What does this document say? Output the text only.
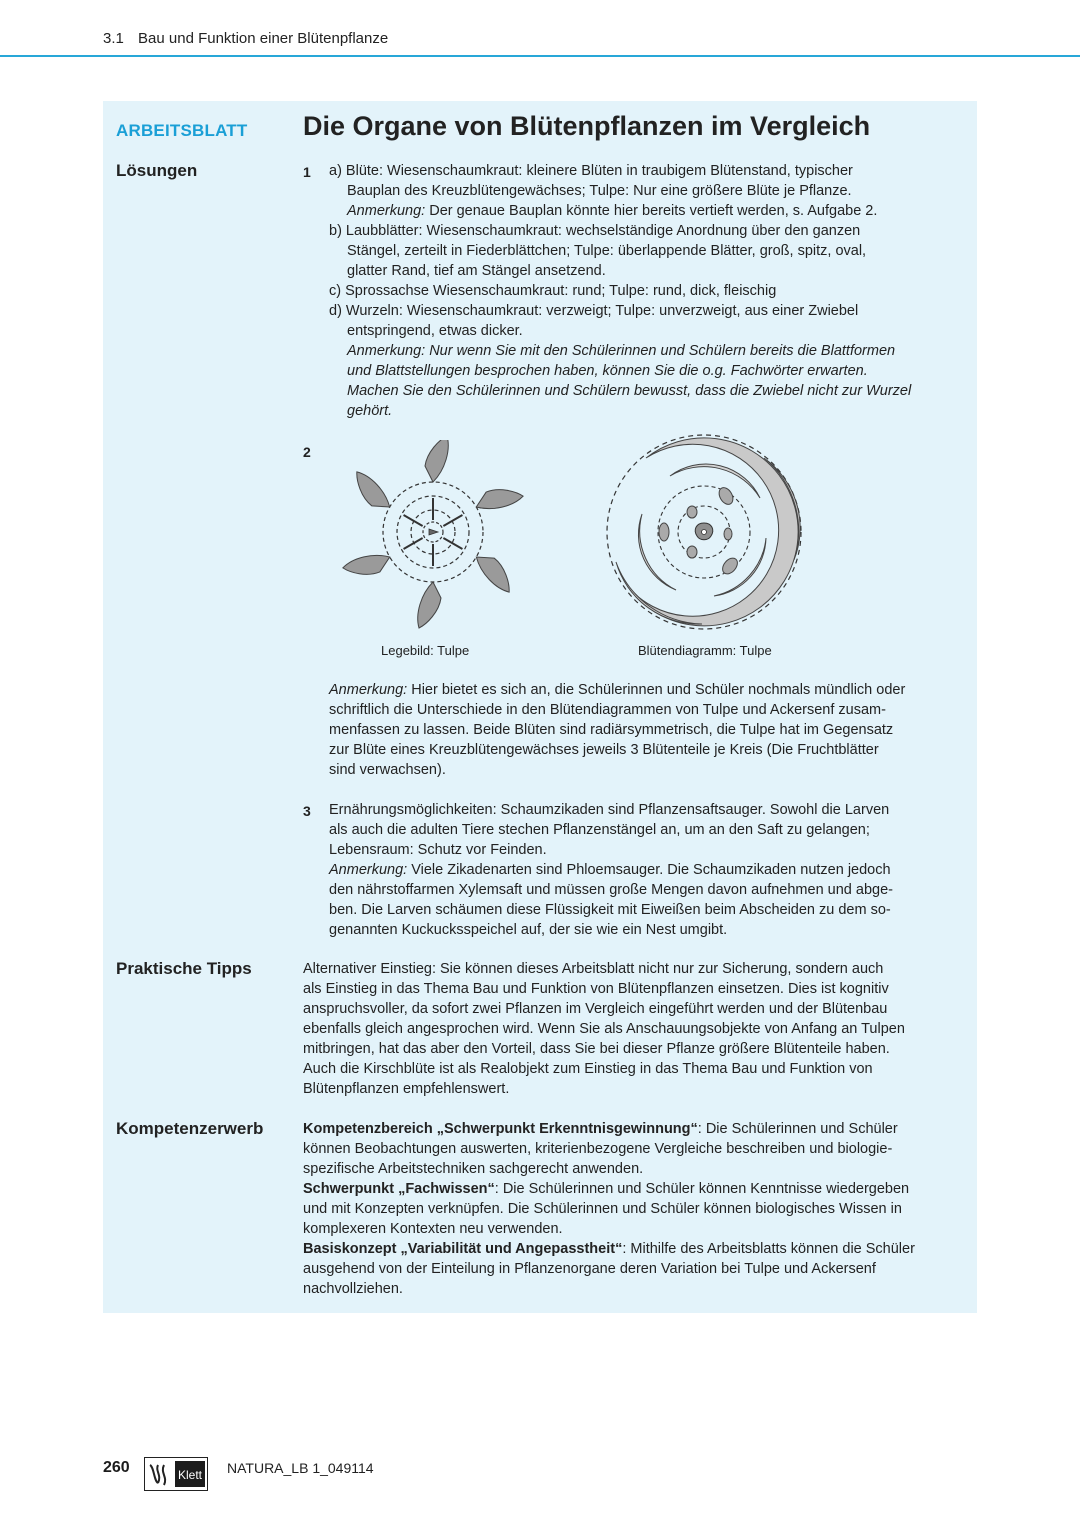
3.1 Bau und Funktion einer Blütenpflanze
ARBEITSBLATT Die Organe von Blütenpflanzen im Vergleich
Lösungen	1 a) Blüte: Wiesenschaumkraut: kleinere Blüten in traubigem Blütenstand, typischer
Bauplan des Kreuzblütengewächses; Tulpe: Nur eine größere Blüte je Pflanze.
Anmerkung: Der genaue Bauplan könnte hier bereits vertieft werden, s. Aufgabe 2.
b) Laubblätter: Wiesenschaumkraut: wechselständige Anordnung über den ganzen
Stängel, zerteilt in Fiederblättchen; Tulpe: überlappende Blätter, groß, spitz, oval,
glatter Rand, tief am Stängel ansetzend.
c) Sprossachse Wiesenschaumkraut: rund; Tulpe: rund, dick, fleischig
d) Wurzeln: Wiesenschaumkraut: verzweigt; Tulpe: unverzweigt, aus einer Zwiebel
entspringend, etwas dicker.
Anmerkung: Nur wenn Sie mit den Schülerinnen und Schülern bereits die Blattformen
und Blattstellungen besprochen haben, können Sie die o.g. Fachwörter erwarten.
Machen Sie den Schülerinnen und Schülern bewusst, dass die Zwiebel nicht zur Wurzel
gehört.
2
Legebild: Tulpe	Blütendiagramm: Tulpe
Anmerkung: Hier bietet es sich an, die Schülerinnen und Schüler nochmals mündlich oder
schriftlich die Unterschiede in den Blütendiagrammen von Tulpe und Ackersenf zusam-
menfassen zu lassen. Beide Blüten sind radiärsymmetrisch, die Tulpe hat im Gegensatz
zur Blüte eines Kreuzblütengewächses jeweils 3 Blütenteile je Kreis (Die Fruchtblätter
sind verwachsen).
3 Ernährungsmöglichkeiten: Schaumzikaden sind Pflanzensaftsauger. Sowohl die Larven
als auch die adulten Tiere stechen Pflanzenstängel an, um an den Saft zu gelangen;
Lebensraum: Schutz vor Feinden.
Anmerkung: Viele Zikadenarten sind Phloemsauger. Die Schaumzikaden nutzen jedoch
den nährstoffarmen Xylemsaft und müssen große Mengen davon aufnehmen und abge-
ben. Die Larven schäumen diese Flüssigkeit mit Eiweißen beim Abscheiden zu dem so-
genannten Kuckucksspeichel auf, der sie wie ein Nest umgibt.
Praktische Tipps	Alternativer Einstieg: Sie können dieses Arbeitsblatt nicht nur zur Sicherung, sondern auch
als Einstieg in das Thema Bau und Funktion von Blütenpflanzen einsetzen. Dies ist kognitiv
anspruchsvoller, da sofort zwei Pflanzen im Vergleich eingeführt werden und der Blütenbau
ebenfalls gleich angesprochen wird. Wenn Sie als Anschauungsobjekte von Anfang an Tulpen
mitbringen, hat das aber den Vorteil, dass Sie bei dieser Pflanze größere Blütenteile haben.
Auch die Kirschblüte ist als Realobjekt zum Einstieg in das Thema Bau und Funktion von
Blütenpflanzen empfehlenswert.
Kompetenzerwerb	Kompetenzbereich „Schwerpunkt Erkenntnisgewinnung“: Die Schülerinnen und Schüler
können Beobachtungen auswerten, kriterienbezogene Vergleiche beschreiben und biologie-
spezifische Arbeitstechniken sachgerecht anwenden.
Schwerpunkt „Fachwissen“: Die Schülerinnen und Schüler können Kenntnisse wiedergeben
und mit Konzepten verknüpfen. Die Schülerinnen und Schüler können biologisches Wissen in
komplexeren Kontexten neu verwenden.
Basiskonzept „Variabilität und Angepasstheit“: Mithilfe des Arbeitsblatts können die Schüler
ausgehend von der Einteilung in Pflanzenorgane deren Variation bei Tulpe und Ackersenf
nachvollziehen.
260	Klett NATURA_LB 1_049114
